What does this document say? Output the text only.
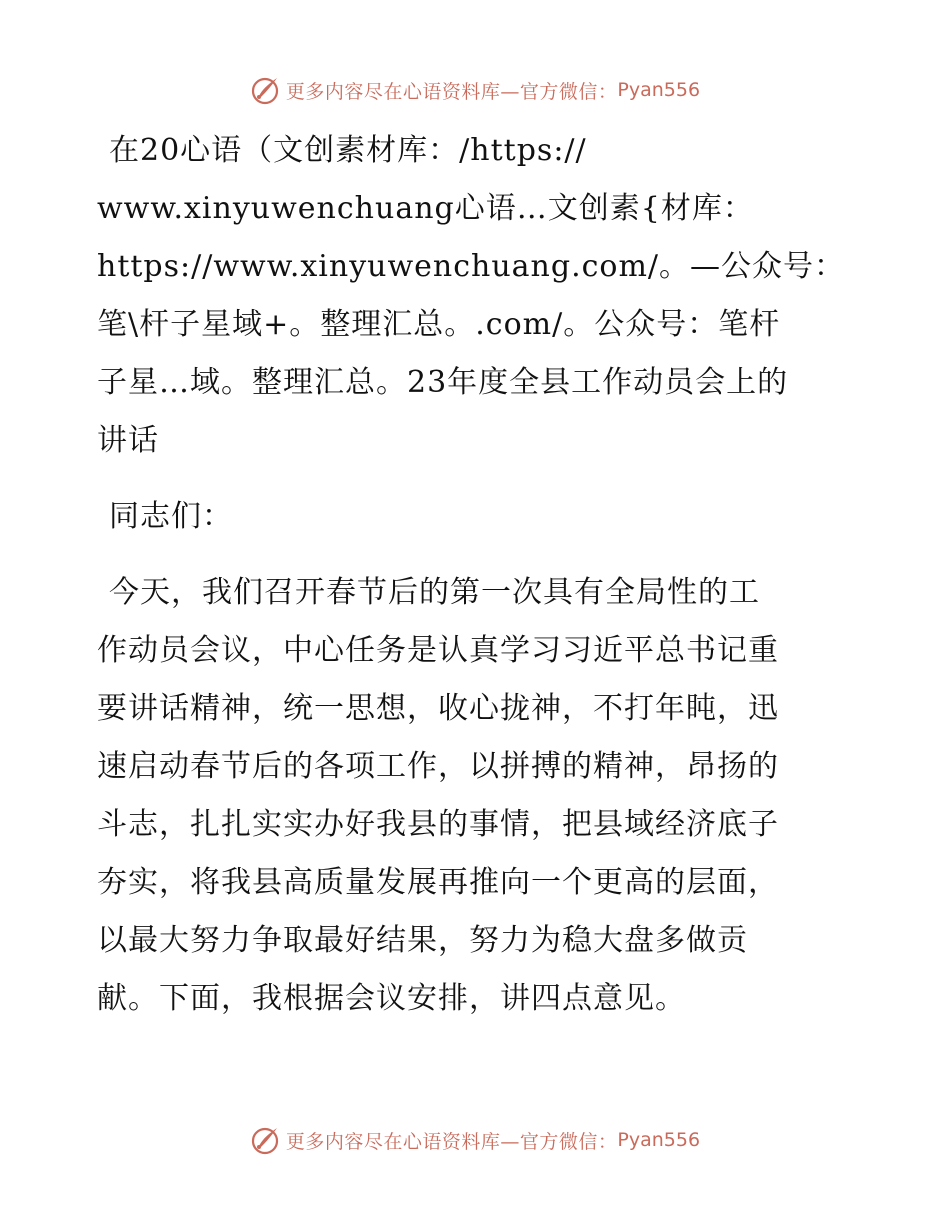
更多内容尽在心语资料库—官方微信： Pyan556
在20心语（文创素材库：/https://
www.xinyuwenchuang心语…文创素{材库：
https://www.xinyuwenchuang.com/。—公众号：
笔\杆子星域+。整理汇总。.com/。公众号：笔杆
子星…域。整理汇总。23年度全县工作动员会上的
讲话
同志们：
今天，我们召开春节后的第一次具有全局性的工
作动员会议，中心任务是认真学习习近平总书记重
要讲话精神，统一思想，收心拢神，不打年盹，迅
速启动春节后的各项工作，以拼搏的精神，昂扬的
斗志，扎扎实实办好我县的事情，把县域经济底子
夯实，将我县高质量发展再推向一个更高的层面，
以最大努力争取最好结果，努力为稳大盘多做贡
献。下面，我根据会议安排，讲四点意见。
更多内容尽在心语资料库—官方微信： Pyan556
